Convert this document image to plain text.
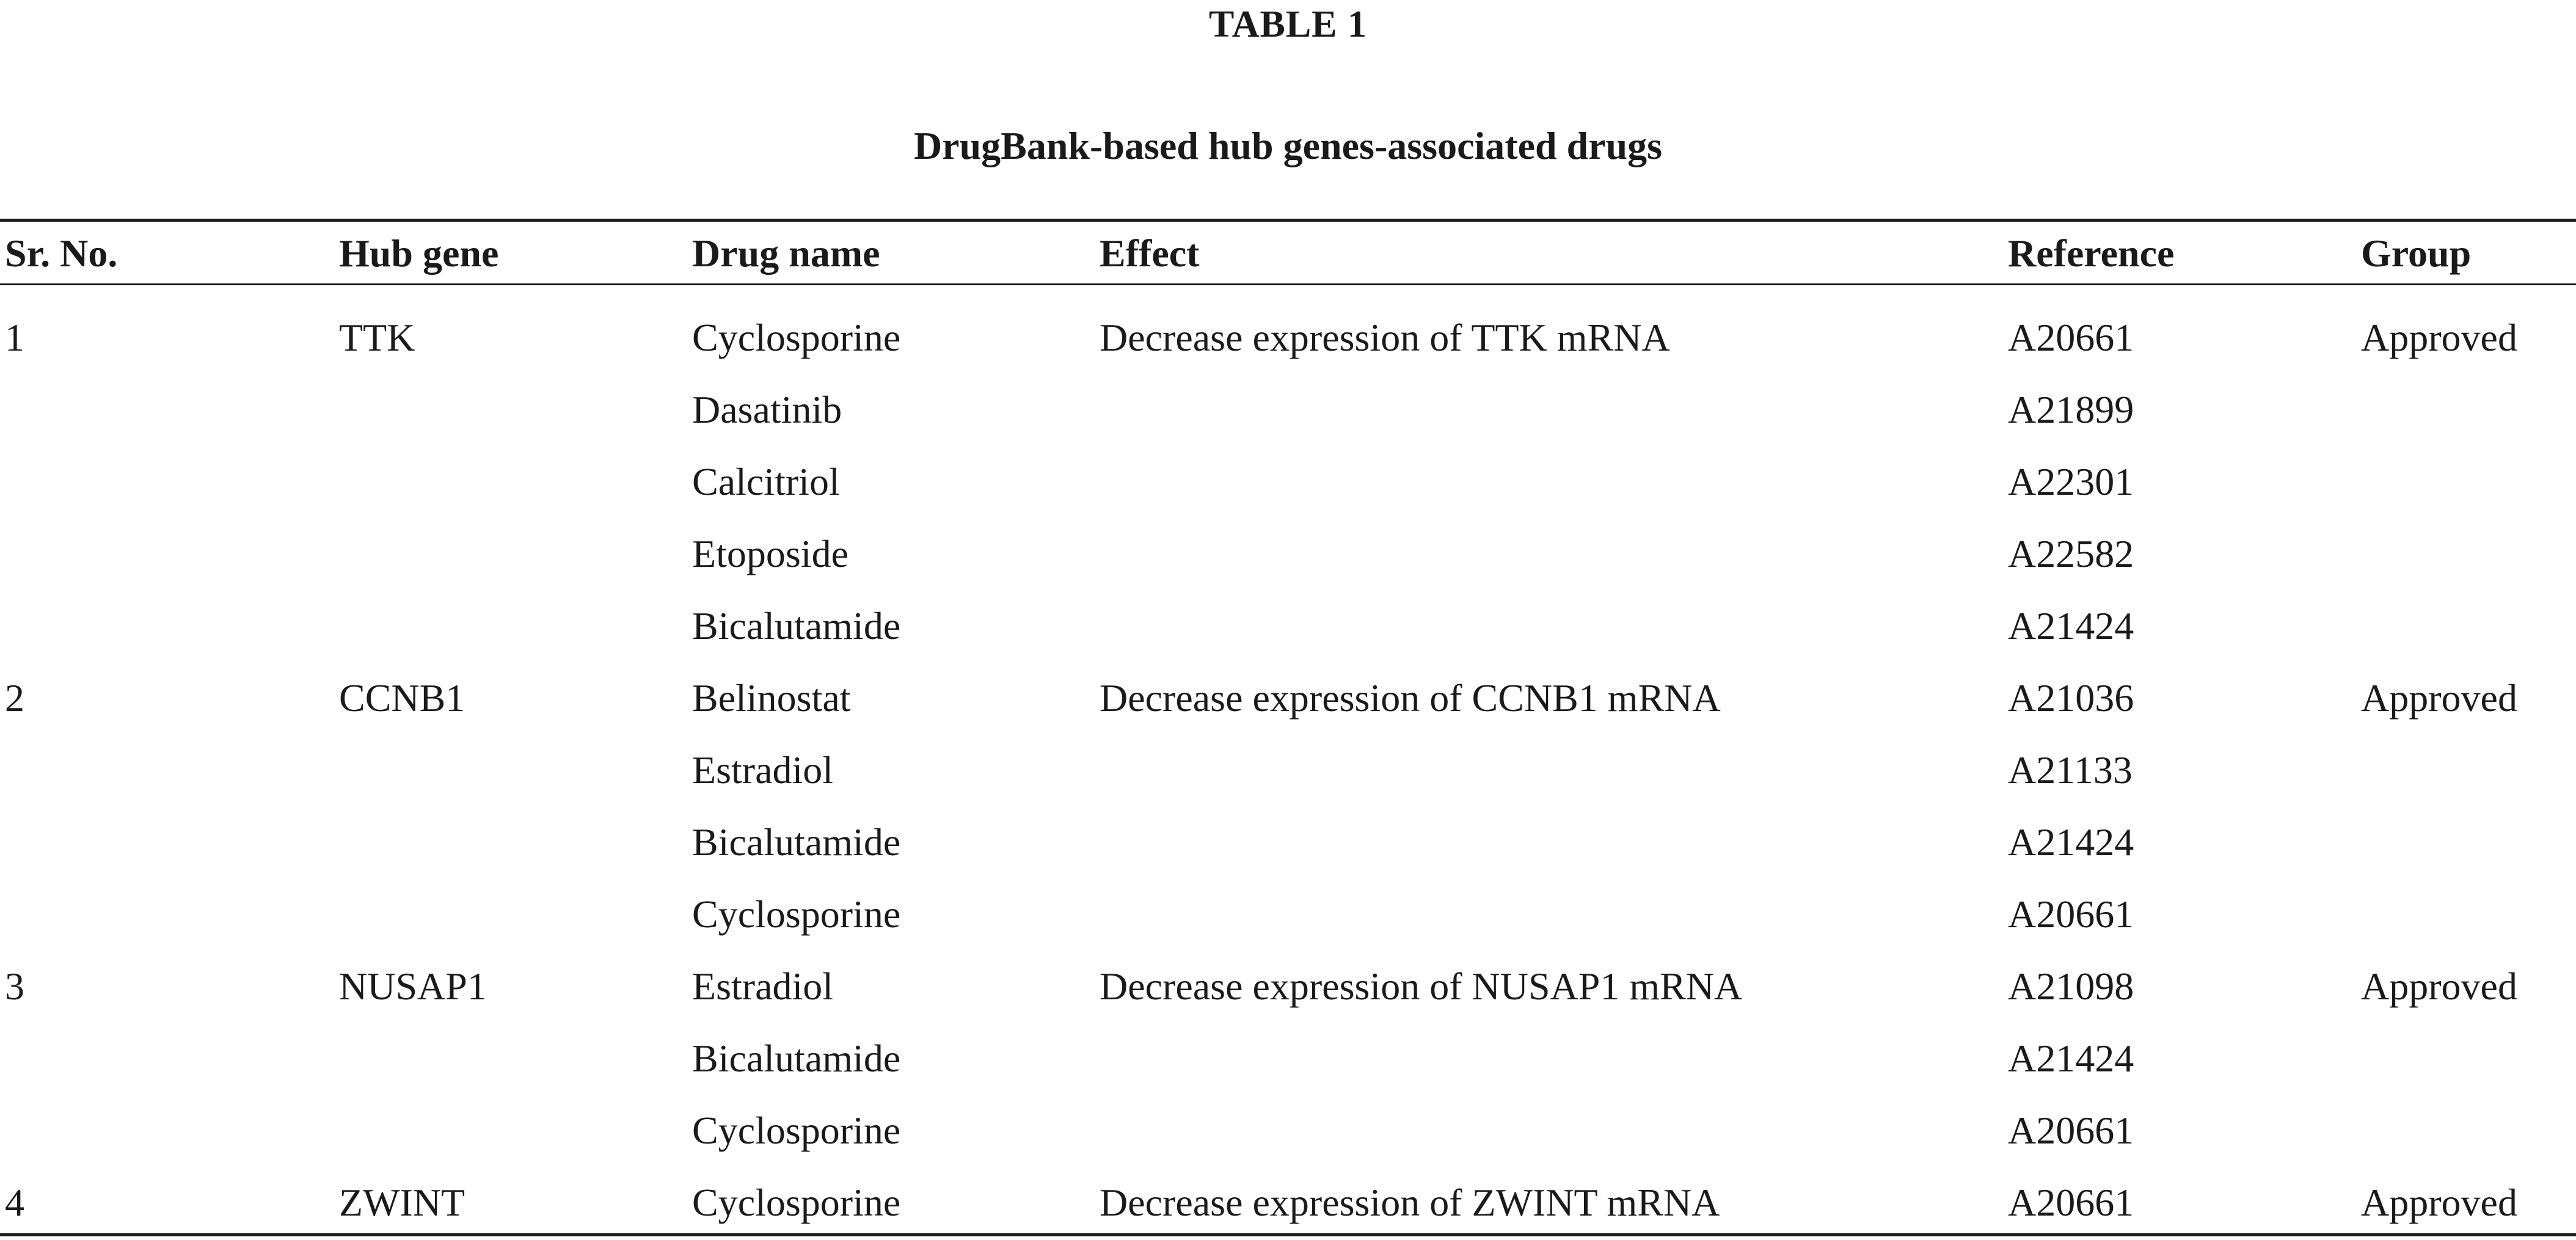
TABLE 1
DrugBank-based hub genes-associated drugs
Sr. No.	Hub gene	Drug name	Effect	Reference	Group

1	TTK	Cyclosporine	Decrease expression of TTK mRNA	A20661	Approved
		Dasatinib		A21899	
		Calcitriol		A22301	
		Etoposide		A22582	
		Bicalutamide		A21424	
2	CCNB1	Belinostat	Decrease expression of CCNB1 mRNA	A21036	Approved
		Estradiol		A21133	
		Bicalutamide		A21424	
		Cyclosporine		A20661	
3	NUSAP1	Estradiol	Decrease expression of NUSAP1 mRNA	A21098	Approved
		Bicalutamide		A21424	
		Cyclosporine		A20661	
4	ZWINT	Cyclosporine	Decrease expression of ZWINT mRNA	A20661	Approved
